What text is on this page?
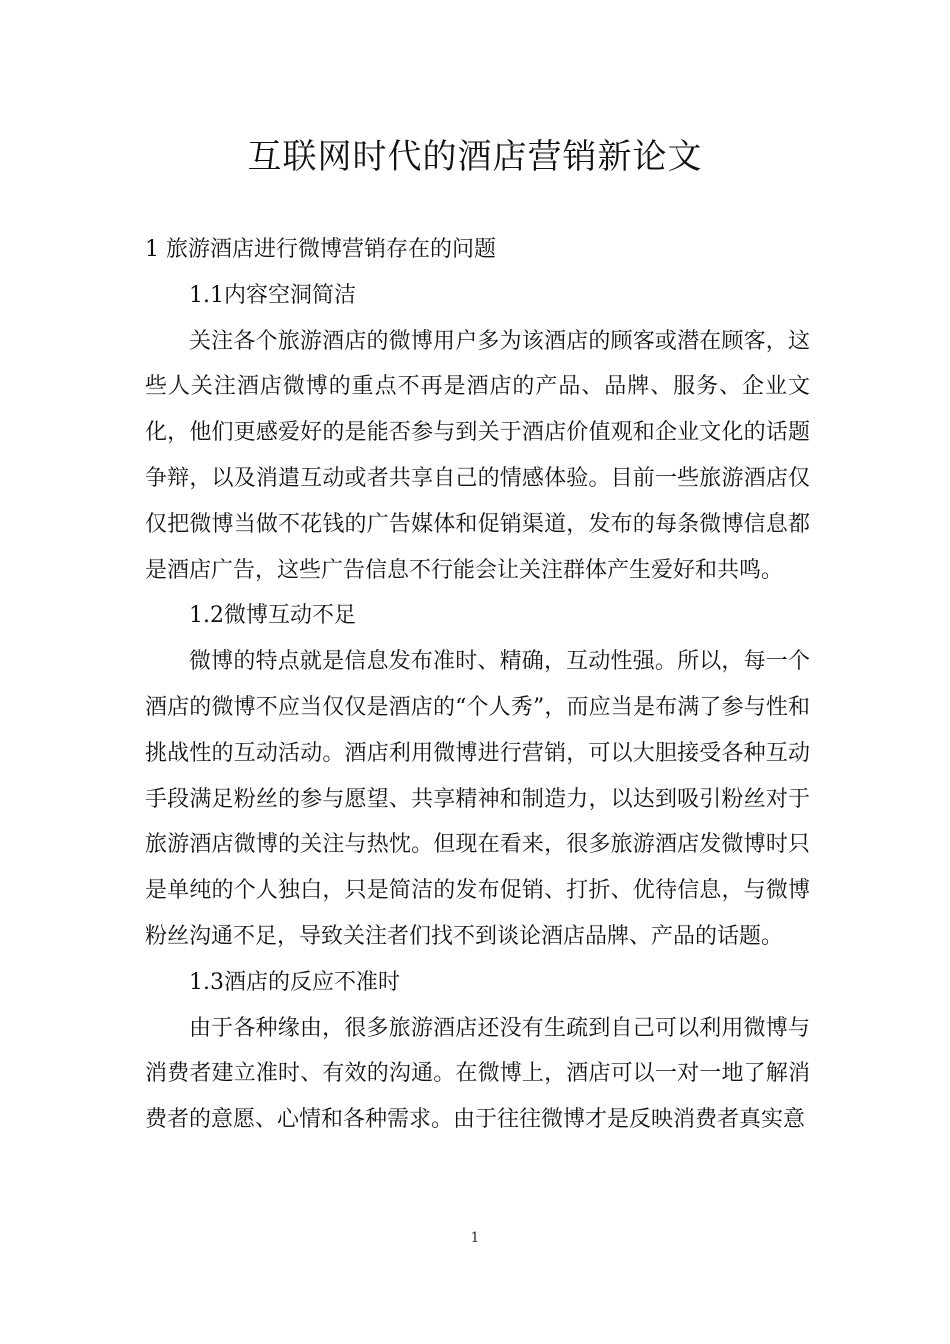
互联网时代的酒店营销新论文

1 旅游酒店进行微博营销存在的问题

1.1内容空洞简洁

关注各个旅游酒店的微博用户多为该酒店的顾客或潜在顾客，这些人关注酒店微博的重点不再是酒店的产品、品牌、服务、企业文化，他们更感爱好的是能否参与到关于酒店价值观和企业文化的话题争辩，以及消遣互动或者共享自己的情感体验。目前一些旅游酒店仅仅把微博当做不花钱的广告媒体和促销渠道，发布的每条微博信息都是酒店广告，这些广告信息不行能会让关注群体产生爱好和共鸣。

1.2微博互动不足

微博的特点就是信息发布准时、精确，互动性强。所以，每一个酒店的微博不应当仅仅是酒店的“个人秀”，而应当是布满了参与性和挑战性的互动活动。酒店利用微博进行营销，可以大胆接受各种互动手段满足粉丝的参与愿望、共享精神和制造力，以达到吸引粉丝对于旅游酒店微博的关注与热忱。但现在看来，很多旅游酒店发微博时只是单纯的个人独白，只是简洁的发布促销、打折、优待信息，与微博粉丝沟通不足，导致关注者们找不到谈论酒店品牌、产品的话题。

1.3酒店的反应不准时

由于各种缘由，很多旅游酒店还没有生疏到自己可以利用微博与消费者建立准时、有效的沟通。在微博上，酒店可以一对一地了解消费者的意愿、心情和各种需求。由于往往微博才是反映消费者真实意

1
